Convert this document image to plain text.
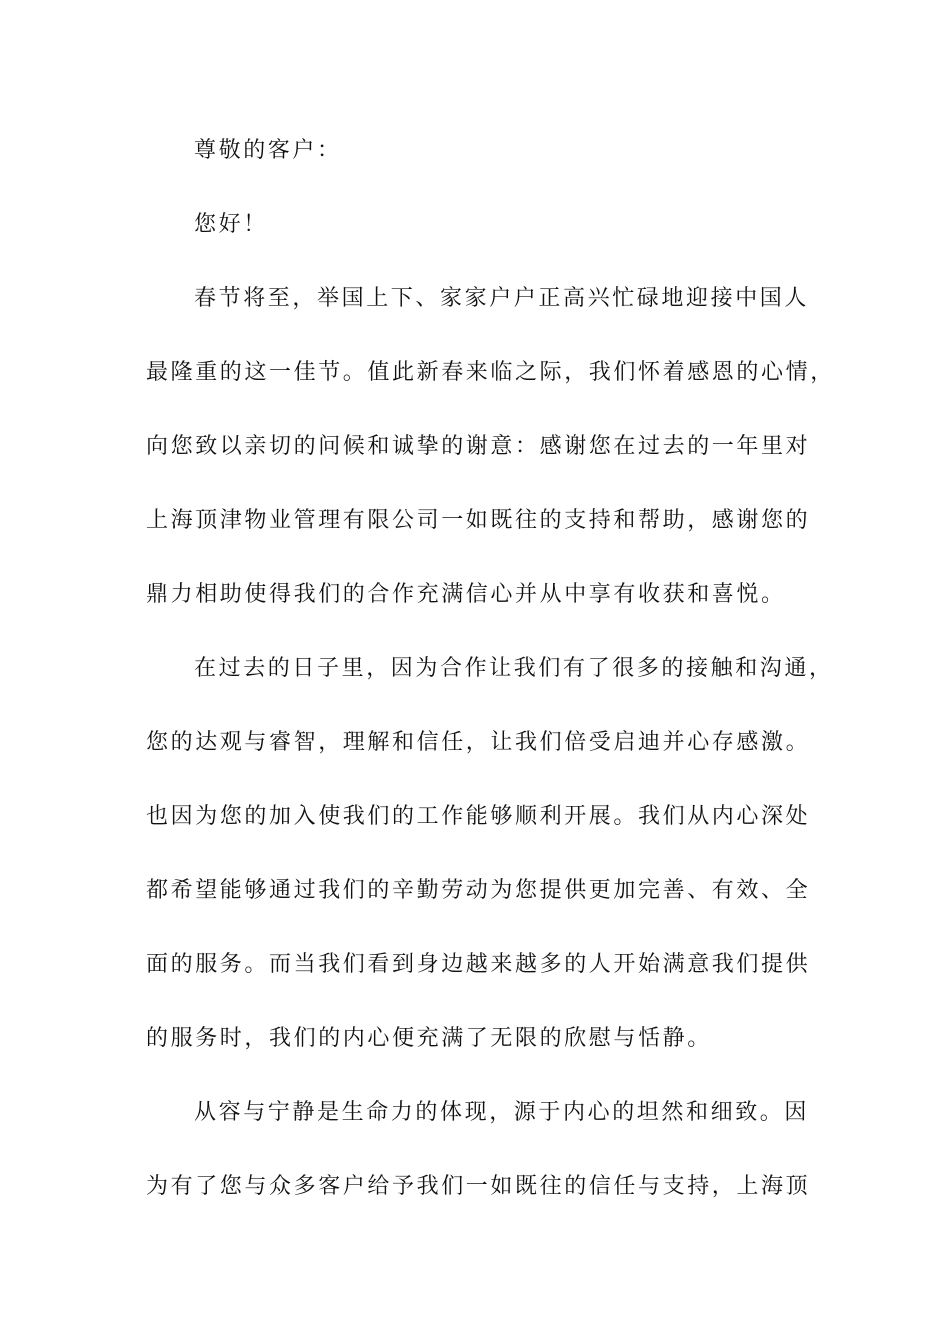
尊敬的客户：

您好！

春节将至，举国上下、家家户户正高兴忙碌地迎接中国人

最隆重的这一佳节。值此新春来临之际，我们怀着感恩的心情，

向您致以亲切的问候和诚挚的谢意：感谢您在过去的一年里对

上海顶津物业管理有限公司一如既往的支持和帮助，感谢您的

鼎力相助使得我们的合作充满信心并从中享有收获和喜悦。

在过去的日子里，因为合作让我们有了很多的接触和沟通，

您的达观与睿智，理解和信任，让我们倍受启迪并心存感激。

也因为您的加入使我们的工作能够顺利开展。我们从内心深处

都希望能够通过我们的辛勤劳动为您提供更加完善、有效、全

面的服务。而当我们看到身边越来越多的人开始满意我们提供

的服务时，我们的内心便充满了无限的欣慰与恬静。

从容与宁静是生命力的体现，源于内心的坦然和细致。因

为有了您与众多客户给予我们一如既往的信任与支持，上海顶
